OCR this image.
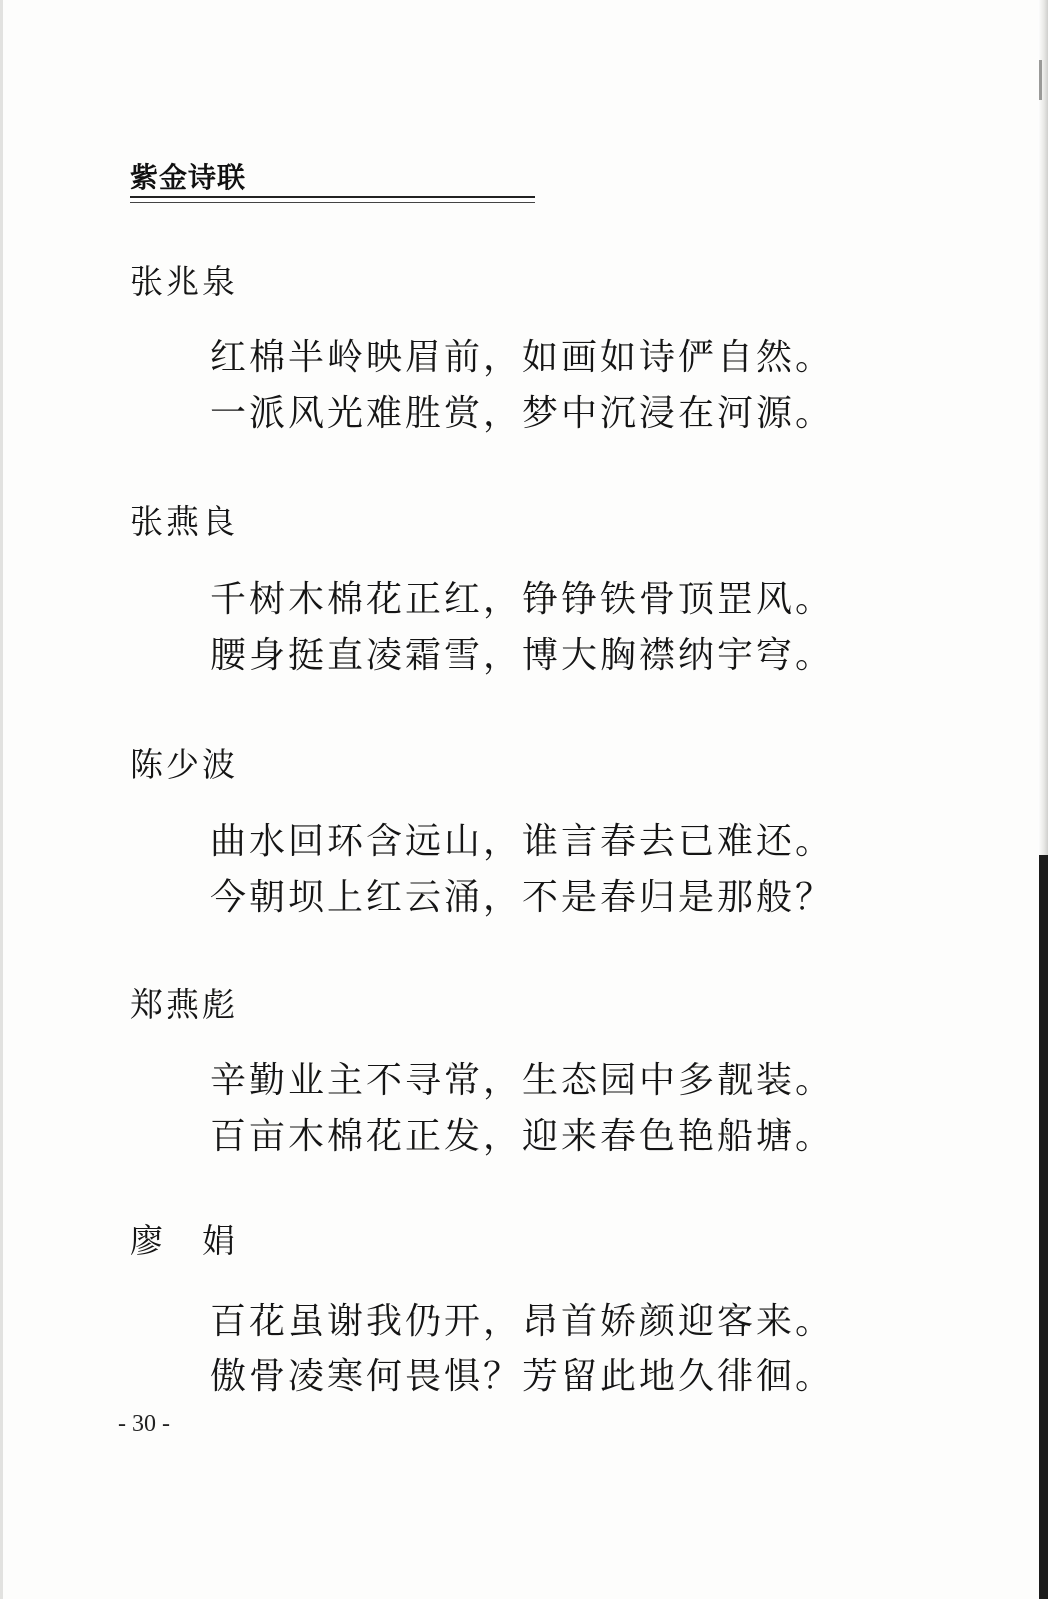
紫金诗联
张兆泉
红棉半岭映眉前，如画如诗俨自然。
一派风光难胜赏，梦中沉浸在河源。
张燕良
千树木棉花正红，铮铮铁骨顶罡风。
腰身挺直凌霜雪，博大胸襟纳宇穹。
陈少波
曲水回环含远山，谁言春去已难还。
今朝坝上红云涌，不是春归是那般？
郑燕彪
辛勤业主不寻常，生态园中多靓装。
百亩木棉花正发，迎来春色艳船塘。
廖　娟
百花虽谢我仍开，昂首娇颜迎客来。
傲骨凌寒何畏惧？芳留此地久徘徊。
- 30 -
